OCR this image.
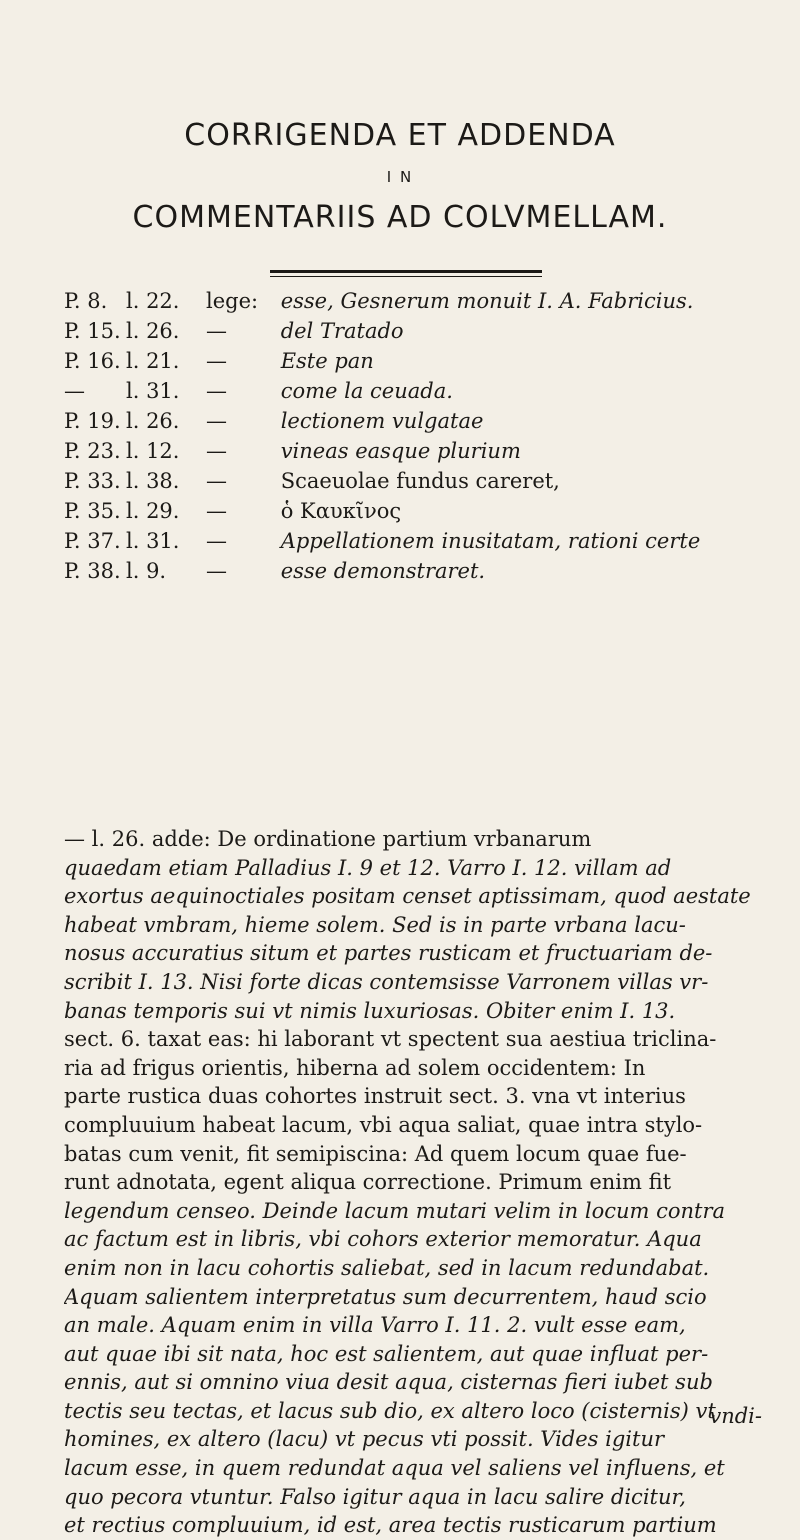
CORRIGENDA ET ADDENDA
I N
COMMENTARIIS AD COLVMELLAM.
P. 8. l. 22. lege: esse, Gesnerum monuit I. A. Fabricius.
P. 15. l. 26. —	del Tratado
P. 16. l. 21. —	Este pan
— l. 31. —	come la ceuada.
P. 19. l. 26. —	lectionem vulgatae
P. 23. l. 12. —	vineas easque plurium
P. 33. l. 38. —	Scaeuolae fundus careret,
P. 35. l. 29. —	ὁ Καυκῖνος
P. 37. l. 31. —	Appellationem inusitatam, rationi certe
P. 38. l. 9. —	esse demonstraret.
— l. 26. adde: De ordinatione partium vrbanarum
quaedam etiam Palladius I. 9 et 12. Varro I. 12. villam ad
exortus aequinoctiales positam censet aptissimam, quod aestate
habeat vmbram, hieme solem. Sed is in parte vrbana lacu-
nosus accuratius situm et partes rusticam et fructuariam de-
scribit I. 13. Nisi forte dicas contemsisse Varronem villas vr-
banas temporis sui vt nimis luxuriosas. Obiter enim I. 13.
sect. 6. taxat eas: hi laborant vt spectent sua aestiua triclina-
ria ad frigus orientis, hiberna ad solem occidentem: In
parte rustica duas cohortes instruit sect. 3. vna vt interius
compluuium habeat lacum, vbi aqua saliat, quae intra stylo-
batas cum venit, fit semipiscina: Ad quem locum quae fue-
runt adnotata, egent aliqua correctione. Primum enim fit
legendum censeo. Deinde lacum mutari velim in locum contra
ac factum est in libris, vbi cohors exterior memoratur. Aqua
enim non in lacu cohortis saliebat, sed in lacum redundabat.
Aquam salientem interpretatus sum decurrentem, haud scio
an male. Aquam enim in villa Varro I. 11. 2. vult esse eam,
aut quae ibi sit nata, hoc est salientem, aut quae influat per-
ennis, aut si omnino viua desit aqua, cisternas fieri iubet sub
tectis seu tectas, et lacus sub dio, ex altero loco (cisternis) vt
homines, ex altero (lacu) vt pecus vti possit. Vides igitur
lacum esse, in quem redundat aqua vel saliens vel influens, et
quo pecora vtuntur. Falso igitur aqua in lacu salire dicitur,
et rectius compluuium, id est, area tectis rusticarum partium
vndi-
